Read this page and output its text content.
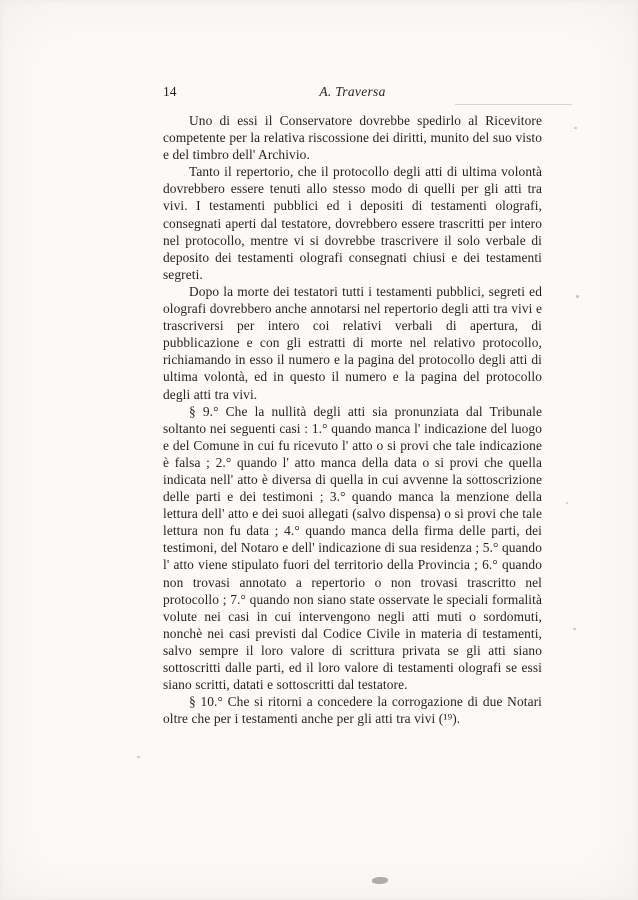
14	A. Traversa

Uno di essi il Conservatore dovrebbe spedirlo al Ricevitore competente per la relativa riscossione dei diritti, munito del suo visto e del timbro dell' Archivio.

Tanto il repertorio, che il protocollo degli atti di ultima volontà dovrebbero essere tenuti allo stesso modo di quelli per gli atti tra vivi. I testamenti pubblici ed i depositi di testamenti olografi, consegnati aperti dal testatore, dovrebbero essere trascritti per intero nel protocollo, mentre vi si dovrebbe trascrivere il solo verbale di deposito dei testamenti olografi consegnati chiusi e dei testamenti segreti.

Dopo la morte dei testatori tutti i testamenti pubblici, segreti ed olografi dovrebbero anche annotarsi nel repertorio degli atti tra vivi e trascriversi per intero coi relativi verbali di apertura, di pubblicazione e con gli estratti di morte nel relativo protocollo, richiamando in esso il numero e la pagina del protocollo degli atti di ultima volontà, ed in questo il numero e la pagina del protocollo degli atti tra vivi.

§ 9.° Che la nullità degli atti sia pronunziata dal Tribunale soltanto nei seguenti casi : 1.° quando manca l' indicazione del luogo e del Comune in cui fu ricevuto l' atto o si provi che tale indicazione è falsa ; 2.° quando l' atto manca della data o si provi che quella indicata nell' atto è diversa di quella in cui avvenne la sottoscrizione delle parti e dei testimoni ; 3.° quando manca la menzione della lettura dell' atto e dei suoi allegati (salvo dispensa) o si provi che tale lettura non fu data ; 4.° quando manca della firma delle parti, dei testimoni, del Notaro e dell' indicazione di sua residenza ; 5.° quando l' atto viene stipulato fuori del territorio della Provincia ; 6.° quando non trovasi annotato a repertorio o non trovasi trascritto nel protocollo ; 7.° quando non siano state osservate le speciali formalità volute nei casi in cui intervengono negli atti muti o sordomuti, nonchè nei casi previsti dal Codice Civile in materia di testamenti, salvo sempre il loro valore di scrittura privata se gli atti siano sottoscritti dalle parti, ed il loro valore di testamenti olografi se essi siano scritti, datati e sottoscritti dal testatore.

§ 10.° Che si ritorni a concedere la corrogazione di due Notari oltre che per i testamenti anche per gli atti tra vivi (¹⁹).
